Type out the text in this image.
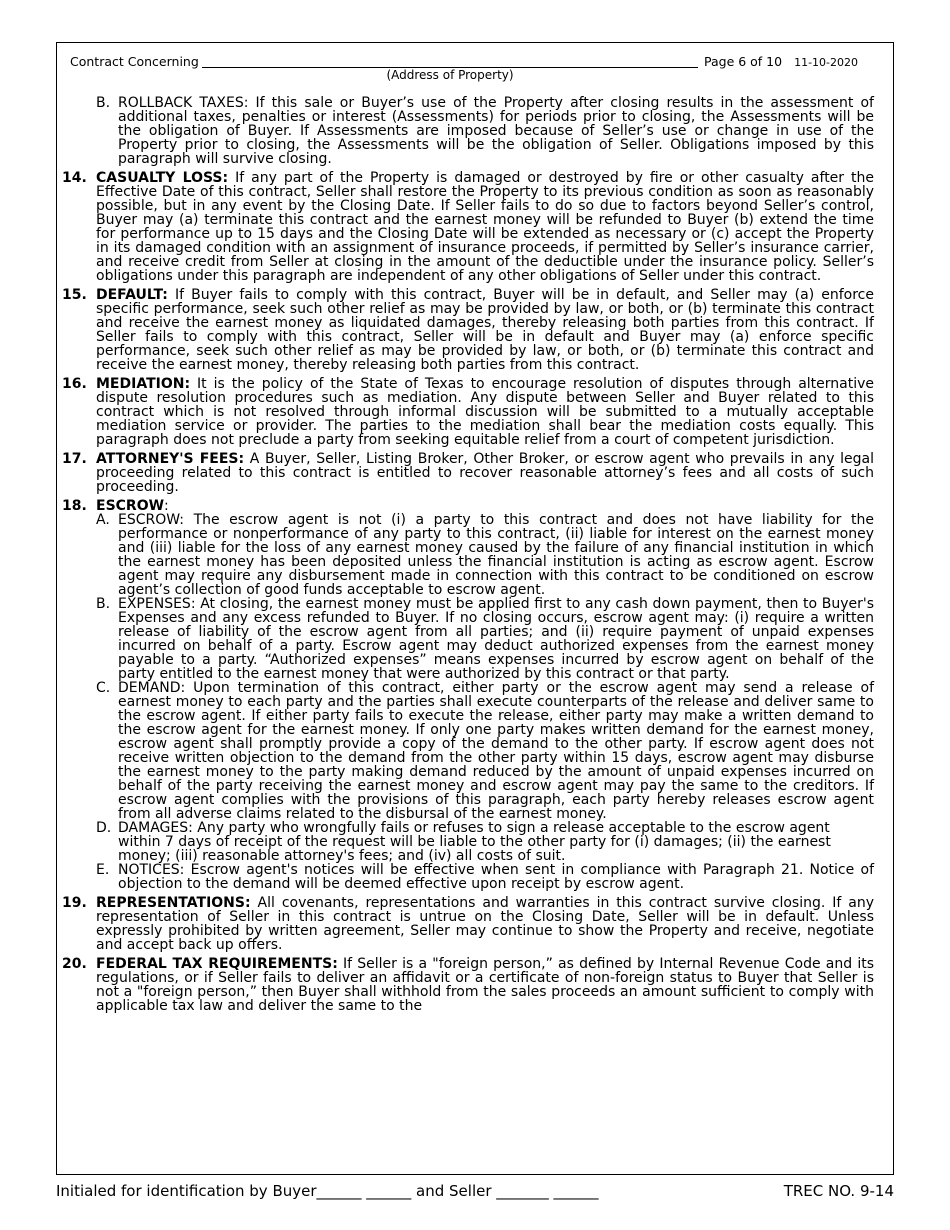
Contract Concerning
(Address of Property)
Page 6 of 10 11-10-2020
B. ROLLBACK TAXES: If this sale or Buyer’s use of the Property after closing results in the assessment of additional taxes, penalties or interest (Assessments) for periods prior to closing, the Assessments will be the obligation of Buyer. If Assessments are imposed because of Seller’s use or change in use of the Property prior to closing, the Assessments will be the obligation of Seller. Obligations imposed by this paragraph will survive closing.
14. CASUALTY LOSS: If any part of the Property is damaged or destroyed by fire or other casualty after the Effective Date of this contract, Seller shall restore the Property to its previous condition as soon as reasonably possible, but in any event by the Closing Date. If Seller fails to do so due to factors beyond Seller’s control, Buyer may (a) terminate this contract and the earnest money will be refunded to Buyer (b) extend the time for performance up to 15 days and the Closing Date will be extended as necessary or (c) accept the Property in its damaged condition with an assignment of insurance proceeds, if permitted by Seller’s insurance carrier, and receive credit from Seller at closing in the amount of the deductible under the insurance policy. Seller’s obligations under this paragraph are independent of any other obligations of Seller under this contract.
15. DEFAULT: If Buyer fails to comply with this contract, Buyer will be in default, and Seller may (a) enforce specific performance, seek such other relief as may be provided by law, or both, or (b) terminate this contract and receive the earnest money as liquidated damages, thereby releasing both parties from this contract. If Seller fails to comply with this contract, Seller will be in default and Buyer may (a) enforce specific performance, seek such other relief as may be provided by law, or both, or (b) terminate this contract and receive the earnest money, thereby releasing both parties from this contract.
16. MEDIATION: It is the policy of the State of Texas to encourage resolution of disputes through alternative dispute resolution procedures such as mediation. Any dispute between Seller and Buyer related to this contract which is not resolved through informal discussion will be submitted to a mutually acceptable mediation service or provider. The parties to the mediation shall bear the mediation costs equally. This paragraph does not preclude a party from seeking equitable relief from a court of competent jurisdiction.
17. ATTORNEY'S FEES: A Buyer, Seller, Listing Broker, Other Broker, or escrow agent who prevails in any legal proceeding related to this contract is entitled to recover reasonable attorney’s fees and all costs of such proceeding.
18. ESCROW:
A. ESCROW: The escrow agent is not (i) a party to this contract and does not have liability for the performance or nonperformance of any party to this contract, (ii) liable for interest on the earnest money and (iii) liable for the loss of any earnest money caused by the failure of any financial institution in which the earnest money has been deposited unless the financial institution is acting as escrow agent. Escrow agent may require any disbursement made in connection with this contract to be conditioned on escrow agent’s collection of good funds acceptable to escrow agent.
B. EXPENSES: At closing, the earnest money must be applied first to any cash down payment, then to Buyer's Expenses and any excess refunded to Buyer. If no closing occurs, escrow agent may: (i) require a written release of liability of the escrow agent from all parties; and (ii) require payment of unpaid expenses incurred on behalf of a party. Escrow agent may deduct authorized expenses from the earnest money payable to a party. “Authorized expenses” means expenses incurred by escrow agent on behalf of the party entitled to the earnest money that were authorized by this contract or that party.
C. DEMAND: Upon termination of this contract, either party or the escrow agent may send a release of earnest money to each party and the parties shall execute counterparts of the release and deliver same to the escrow agent. If either party fails to execute the release, either party may make a written demand to the escrow agent for the earnest money. If only one party makes written demand for the earnest money, escrow agent shall promptly provide a copy of the demand to the other party. If escrow agent does not receive written objection to the demand from the other party within 15 days, escrow agent may disburse the earnest money to the party making demand reduced by the amount of unpaid expenses incurred on behalf of the party receiving the earnest money and escrow agent may pay the same to the creditors. If escrow agent complies with the provisions of this paragraph, each party hereby releases escrow agent from all adverse claims related to the disbursal of the earnest money.
D. DAMAGES: Any party who wrongfully fails or refuses to sign a release acceptable to the escrow agent within 7 days of receipt of the request will be liable to the other party for (i) damages; (ii) the earnest money; (iii) reasonable attorney's fees; and (iv) all costs of suit.
E. NOTICES: Escrow agent's notices will be effective when sent in compliance with Paragraph 21. Notice of objection to the demand will be deemed effective upon receipt by escrow agent.
19. REPRESENTATIONS: All covenants, representations and warranties in this contract survive closing. If any representation of Seller in this contract is untrue on the Closing Date, Seller will be in default. Unless expressly prohibited by written agreement, Seller may continue to show the Property and receive, negotiate and accept back up offers.
20. FEDERAL TAX REQUIREMENTS: If Seller is a "foreign person,” as defined by Internal Revenue Code and its regulations, or if Seller fails to deliver an affidavit or a certificate of non-foreign status to Buyer that Seller is not a "foreign person,” then Buyer shall withhold from the sales proceeds an amount sufficient to comply with applicable tax law and deliver the same to the
Initialed for identification by Buyer______ ______ and Seller _______ ______	TREC NO. 9-14
